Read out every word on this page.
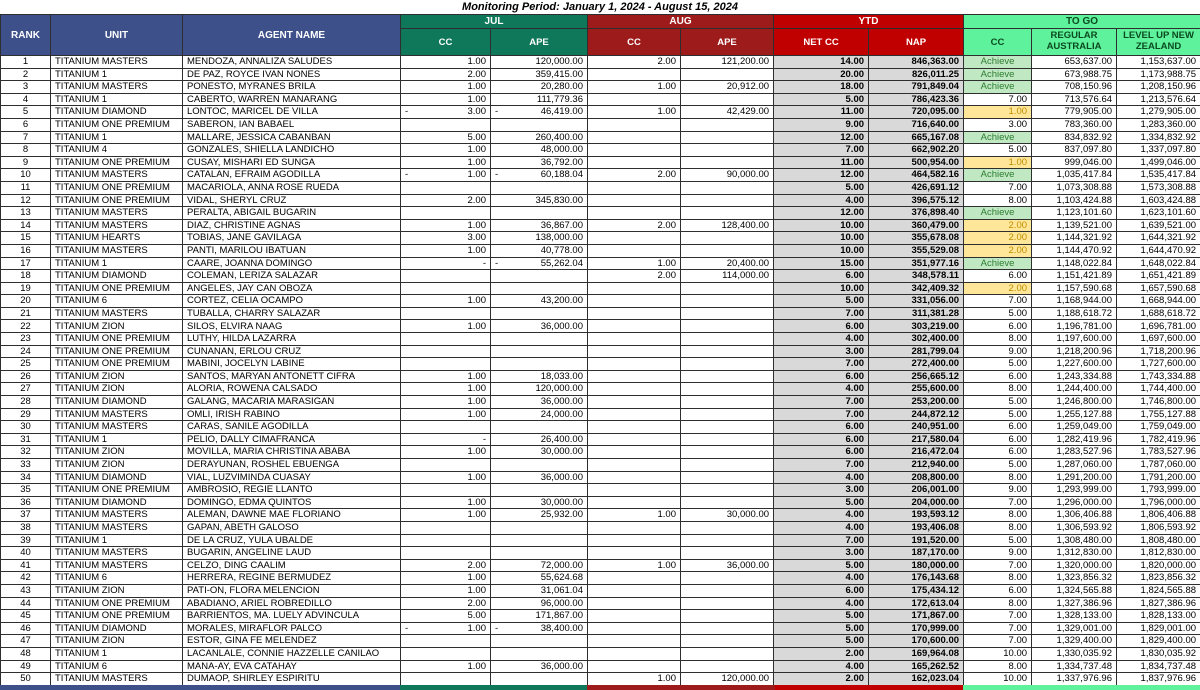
Monitoring Period: January 1, 2024 - August 15, 2024
RANK	UNIT	AGENT NAME	JUL		AUG		YTD		TO GO		
			CC	APE	CC	APE	NET CC	NAP	CC	REGULAR AUSTRALIA	LEVEL UP NEW ZEALAND
1	TITANIUM MASTERS	MENDOZA, ANNALIZA SALUDES	1.00	120,000.00	2.00	121,200.00	14.00	846,363.00	Achieve	653,637.00	1,153,637.00
2	TITANIUM 1	DE PAZ, ROYCE IVAN NONES	2.00	359,415.00			20.00	826,011.25	Achieve	673,988.75	1,173,988.75
3	TITANIUM MASTERS	PONESTO, MYRANES BRILA	1.00	20,280.00	1.00	20,912.00	18.00	791,849.04	Achieve	708,150.96	1,208,150.96
4	TITANIUM 1	CABERTO, WARREN MANARANG	1.00	111,779.36			5.00	786,423.36	7.00	713,576.64	1,213,576.64
5	TITANIUM DIAMOND	LONTOC, MARICEL DE VILLA	- 3.00	- 46,419.00	1.00	42,429.00	11.00	720,095.00	1.00	779,905.00	1,279,905.00
6	TITANIUM ONE PREMIUM	SABERON, IAN BABAEL					9.00	716,640.00	3.00	783,360.00	1,283,360.00
7	TITANIUM 1	MALLARE, JESSICA CABANBAN	5.00	260,400.00			12.00	665,167.08	Achieve	834,832.92	1,334,832.92
8	TITANIUM 4	GONZALES, SHIELLA LANDICHO	1.00	48,000.00			7.00	662,902.20	5.00	837,097.80	1,337,097.80
9	TITANIUM ONE PREMIUM	CUSAY, MISHARI ED SUNGA	1.00	36,792.00			11.00	500,954.00	1.00	999,046.00	1,499,046.00
10	TITANIUM MASTERS	CATALAN, EFRAIM AGODILLA	- 1.00	- 60,188.04	2.00	90,000.00	12.00	464,582.16	Achieve	1,035,417.84	1,535,417.84
11	TITANIUM ONE PREMIUM	MACARIOLA, ANNA ROSE RUEDA					5.00	426,691.12	7.00	1,073,308.88	1,573,308.88
12	TITANIUM ONE PREMIUM	VIDAL, SHERYL CRUZ	2.00	345,830.00			4.00	396,575.12	8.00	1,103,424.88	1,603,424.88
13	TITANIUM MASTERS	PERALTA, ABIGAIL BUGARIN					12.00	376,898.40	Achieve	1,123,101.60	1,623,101.60
14	TITANIUM MASTERS	DIAZ, CHRISTINE AGNAS	1.00	36,867.00	2.00	128,400.00	10.00	360,479.00	2.00	1,139,521.00	1,639,521.00
15	TITANIUM HEARTS	TOBIAS, JANE GAVILAGA	3.00	138,000.00			10.00	355,678.08	2.00	1,144,321.92	1,644,321.92
16	TITANIUM MASTERS	PANTI, MARILOU IBATUAN	1.00	40,778.00			10.00	355,529.08	2.00	1,144,470.92	1,644,470.92
17	TITANIUM 1	CAARE, JOANNA DOMINGO	-	- 55,262.04	1.00	20,400.00	15.00	351,977.16	Achieve	1,148,022.84	1,648,022.84
18	TITANIUM DIAMOND	COLEMAN, LERIZA SALAZAR			2.00	114,000.00	6.00	348,578.11	6.00	1,151,421.89	1,651,421.89
19	TITANIUM ONE PREMIUM	ANGELES, JAY CAN OBOZA					10.00	342,409.32	2.00	1,157,590.68	1,657,590.68
20	TITANIUM 6	CORTEZ, CELIA OCAMPO	1.00	43,200.00			5.00	331,056.00	7.00	1,168,944.00	1,668,944.00
21	TITANIUM MASTERS	TUBALLA, CHARRY SALAZAR					7.00	311,381.28	5.00	1,188,618.72	1,688,618.72
22	TITANIUM ZION	SILOS, ELVIRA NAAG	1.00	36,000.00			6.00	303,219.00	6.00	1,196,781.00	1,696,781.00
23	TITANIUM ONE PREMIUM	LUTHY, HILDA LAZARRA					4.00	302,400.00	8.00	1,197,600.00	1,697,600.00
24	TITANIUM ONE PREMIUM	CUNANAN, ERLOU CRUZ					3.00	281,799.04	9.00	1,218,200.96	1,718,200.96
25	TITANIUM ONE PREMIUM	MABINI, JOCELYN LABINE					7.00	272,400.00	5.00	1,227,600.00	1,727,600.00
26	TITANIUM ZION	SANTOS, MARYAN ANTONETT CIFRA	1.00	18,033.00			6.00	256,665.12	6.00	1,243,334.88	1,743,334.88
27	TITANIUM ZION	ALORIA, ROWENA CALSADO	1.00	120,000.00			4.00	255,600.00	8.00	1,244,400.00	1,744,400.00
28	TITANIUM DIAMOND	GALANG, MACARIA MARASIGAN	1.00	36,000.00			7.00	253,200.00	5.00	1,246,800.00	1,746,800.00
29	TITANIUM MASTERS	OMLI, IRISH RABINO	1.00	24,000.00			7.00	244,872.12	5.00	1,255,127.88	1,755,127.88
30	TITANIUM MASTERS	CARAS, SANILE AGODILLA					6.00	240,951.00	6.00	1,259,049.00	1,759,049.00
31	TITANIUM 1	PELIO, DALLY CIMAFRANCA	-	26,400.00			6.00	217,580.04	6.00	1,282,419.96	1,782,419.96
32	TITANIUM ZION	MOVILLA, MARIA CHRISTINA ABABA	1.00	30,000.00			6.00	216,472.04	6.00	1,283,527.96	1,783,527.96
33	TITANIUM ZION	DERAYUNAN, ROSHEL EBUENGA					7.00	212,940.00	5.00	1,287,060.00	1,787,060.00
34	TITANIUM DIAMOND	VIAL, LUZVIMINDA CUASAY	1.00	36,000.00			4.00	208,800.00	8.00	1,291,200.00	1,791,200.00
35	TITANIUM ONE PREMIUM	AMBROSIO, REGIE LLANTO					3.00	206,001.00	9.00	1,293,999.00	1,793,999.00
36	TITANIUM DIAMOND	DOMINGO, EDMA QUINTOS	1.00	30,000.00			5.00	204,000.00	7.00	1,296,000.00	1,796,000.00
37	TITANIUM MASTERS	ALEMAN, DAWNE MAE FLORIANO	1.00	25,932.00	1.00	30,000.00	4.00	193,593.12	8.00	1,306,406.88	1,806,406.88
38	TITANIUM MASTERS	GAPAN, ABETH GALOSO					4.00	193,406.08	8.00	1,306,593.92	1,806,593.92
39	TITANIUM 1	DE LA CRUZ, YULA UBALDE					7.00	191,520.00	5.00	1,308,480.00	1,808,480.00
40	TITANIUM MASTERS	BUGARIN, ANGELINE LAUD					3.00	187,170.00	9.00	1,312,830.00	1,812,830.00
41	TITANIUM MASTERS	CELZO, DING CAALIM	2.00	72,000.00	1.00	36,000.00	5.00	180,000.00	7.00	1,320,000.00	1,820,000.00
42	TITANIUM 6	HERRERA, REGINE BERMUDEZ	1.00	55,624.68			4.00	176,143.68	8.00	1,323,856.32	1,823,856.32
43	TITANIUM ZION	PATI-ON, FLORA MELENCION	1.00	31,061.04			6.00	175,434.12	6.00	1,324,565.88	1,824,565.88
44	TITANIUM ONE PREMIUM	ABADIANO, ARIEL ROBREDILLO	2.00	96,000.00			4.00	172,613.04	8.00	1,327,386.96	1,827,386.96
45	TITANIUM ONE PREMIUM	BARRIENTOS, MA. LUELY ADVINCULA	5.00	171,867.00			5.00	171,867.00	7.00	1,328,133.00	1,828,133.00
46	TITANIUM DIAMOND	MORALES, MIRAFLOR PALCO	- 1.00	- 38,400.00			5.00	170,999.00	7.00	1,329,001.00	1,829,001.00
47	TITANIUM ZION	ESTOR, GINA FE MELENDEZ					5.00	170,600.00	7.00	1,329,400.00	1,829,400.00
48	TITANIUM 1	LACANLALE, CONNIE HAZZELLE CANILAO					2.00	169,964.08	10.00	1,330,035.92	1,830,035.92
49	TITANIUM 6	MANA-AY, EVA CATAHAY	1.00	36,000.00			4.00	165,262.52	8.00	1,334,737.48	1,834,737.48
50	TITANIUM MASTERS	DUMAOP, SHIRLEY ESPIRITU			1.00	120,000.00	2.00	162,023.04	10.00	1,337,976.96	1,837,976.96
